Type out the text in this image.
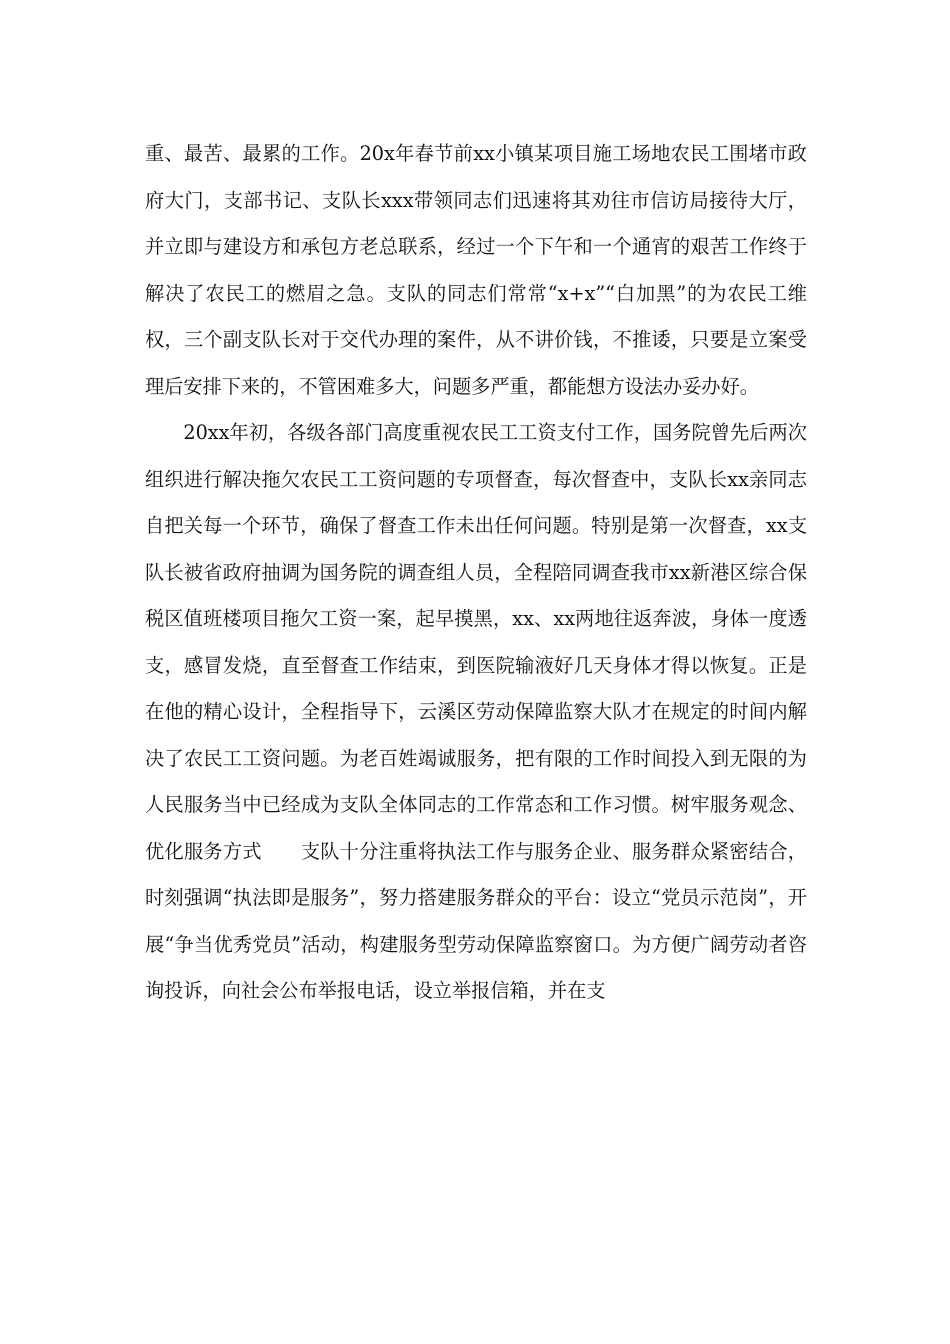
重、最苦、最累的工作。20x年春节前xx小镇某项目施工场地农民工围堵市政府大门，支部书记、支队长xxx带领同志们迅速将其劝往市信访局接待大厅，并立即与建设方和承包方老总联系，经过一个下午和一个通宵的艰苦工作终于解决了农民工的燃眉之急。支队的同志们常常“x+x”“白加黑”的为农民工维权，三个副支队长对于交代办理的案件，从不讲价钱，不推诿，只要是立案受理后安排下来的，不管困难多大，问题多严重，都能想方设法办妥办好。

20xx年初，各级各部门高度重视农民工工资支付工作，国务院曾先后两次组织进行解决拖欠农民工工资问题的专项督查，每次督查中，支队长xx亲同志自把关每一个环节，确保了督查工作未出任何问题。特别是第一次督查，xx支队长被省政府抽调为国务院的调查组人员，全程陪同调查我市xx新港区综合保税区值班楼项目拖欠工资一案，起早摸黑，xx、xx两地往返奔波，身体一度透支，感冒发烧，直至督查工作结束，到医院输液好几天身体才得以恢复。正是在他的精心设计，全程指导下，云溪区劳动保障监察大队才在规定的时间内解决了农民工工资问题。为老百姓竭诚服务，把有限的工作时间投入到无限的为人民服务当中已经成为支队全体同志的工作常态和工作习惯。树牢服务观念、优化服务方式　　支队十分注重将执法工作与服务企业、服务群众紧密结合，时刻强调“执法即是服务”，努力搭建服务群众的平台：设立“党员示范岗”，开展“争当优秀党员”活动，构建服务型劳动保障监察窗口。为方便广阔劳动者咨询投诉，向社会公布举报电话，设立举报信箱，并在支
